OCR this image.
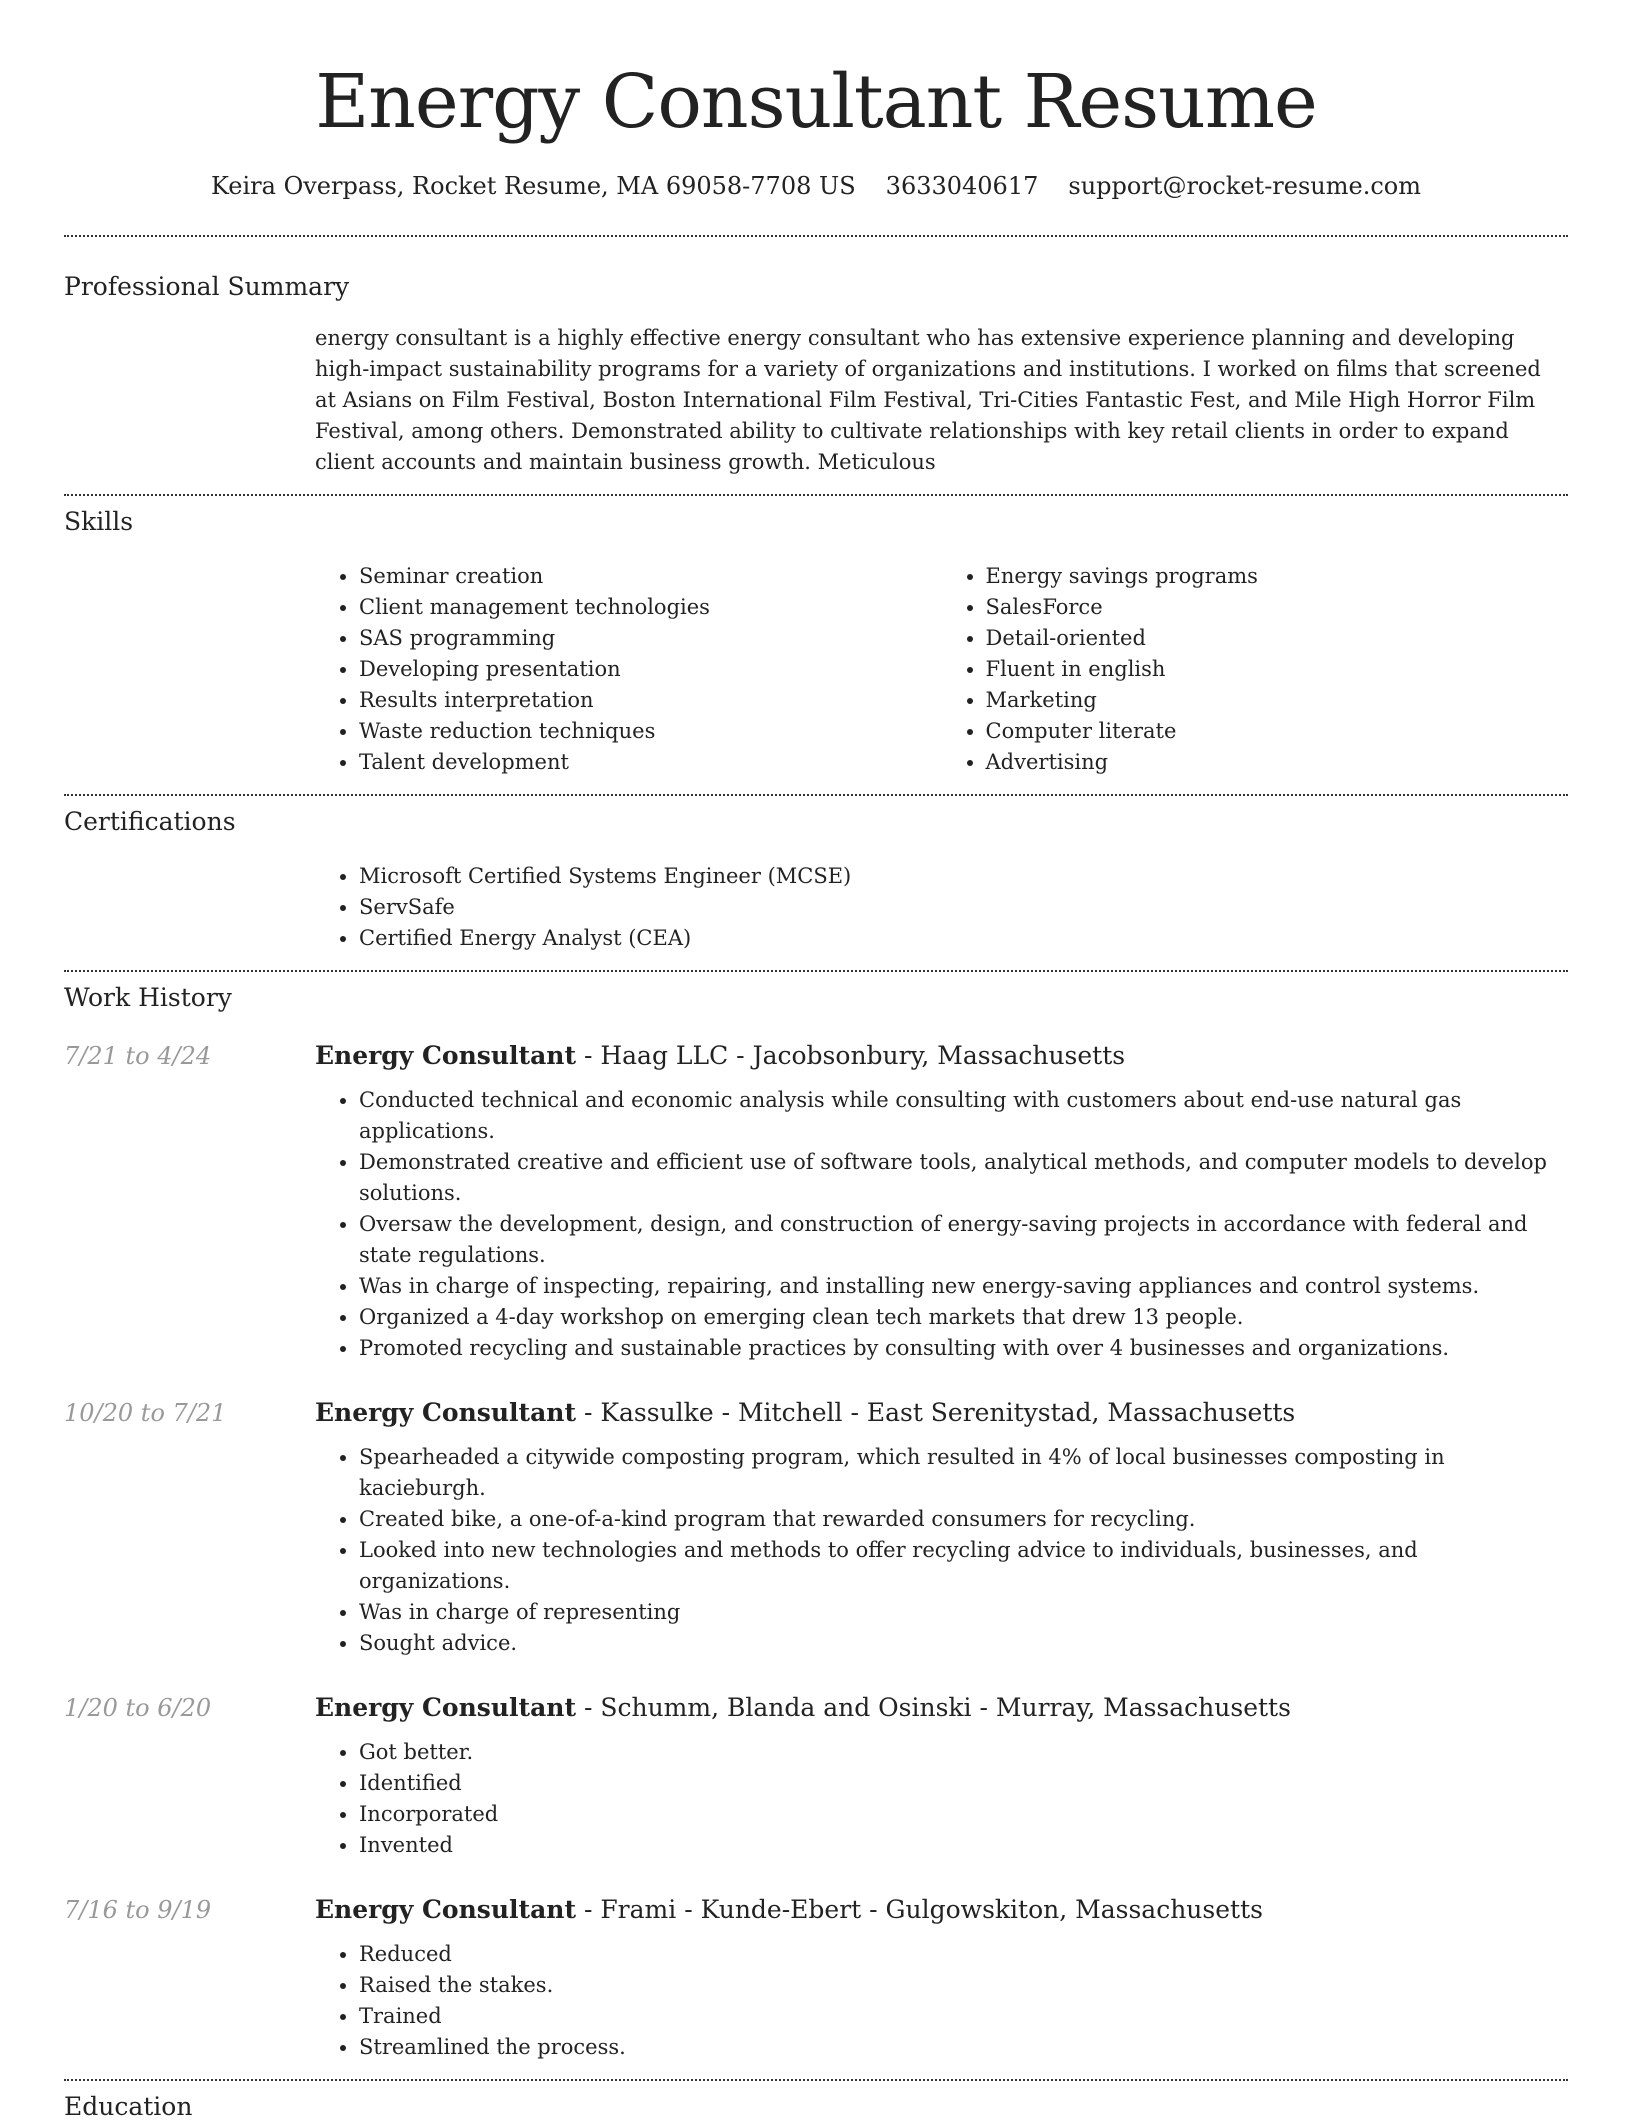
Energy Consultant Resume
Keira Overpass, Rocket Resume, MA 69058-7708 US 3633040617 support@rocket-resume.com
Professional Summary

energy consultant is a highly effective energy consultant who has extensive experience planning and developing high-impact sustainability programs for a variety of organizations and institutions. I worked on films that screened at Asians on Film Festival, Boston International Film Festival, Tri-Cities Fantastic Fest, and Mile High Horror Film Festival, among others. Demonstrated ability to cultivate relationships with key retail clients in order to expand client accounts and maintain business growth. Meticulous

Skills
• Seminar creation
• Client management technologies
• SAS programming
• Developing presentation
• Results interpretation
• Waste reduction techniques
• Talent development
• Energy savings programs
• SalesForce
• Detail-oriented
• Fluent in english
• Marketing
• Computer literate
• Advertising
Certifications
• Microsoft Certified Systems Engineer (MCSE)
• ServSafe
• Certified Energy Analyst (CEA)
Work History
7/21 to 4/24	Energy Consultant - Haag LLC - Jacobsonbury, Massachusetts

• Conducted technical and economic analysis while consulting with customers about end-use natural gas applications.
• Demonstrated creative and efficient use of software tools, analytical methods, and computer models to develop solutions.
• Oversaw the development, design, and construction of energy-saving projects in accordance with federal and state regulations.
• Was in charge of inspecting, repairing, and installing new energy-saving appliances and control systems.
• Organized a 4-day workshop on emerging clean tech markets that drew 13 people.
• Promoted recycling and sustainable practices by consulting with over 4 businesses and organizations.
10/20 to 7/21	Energy Consultant - Kassulke - Mitchell - East Serenitystad, Massachusetts

• Spearheaded a citywide composting program, which resulted in 4% of local businesses composting in kacieburgh.
• Created bike, a one-of-a-kind program that rewarded consumers for recycling.
• Looked into new technologies and methods to offer recycling advice to individuals, businesses, and organizations.
• Was in charge of representing
• Sought advice.
1/20 to 6/20	Energy Consultant - Schumm, Blanda and Osinski - Murray, Massachusetts

• Got better.
• Identified
• Incorporated
• Invented
7/16 to 9/19	Energy Consultant - Frami - Kunde-Ebert - Gulgowskiton, Massachusetts

• Reduced
• Raised the stakes.
• Trained
• Streamlined the process.
Education
